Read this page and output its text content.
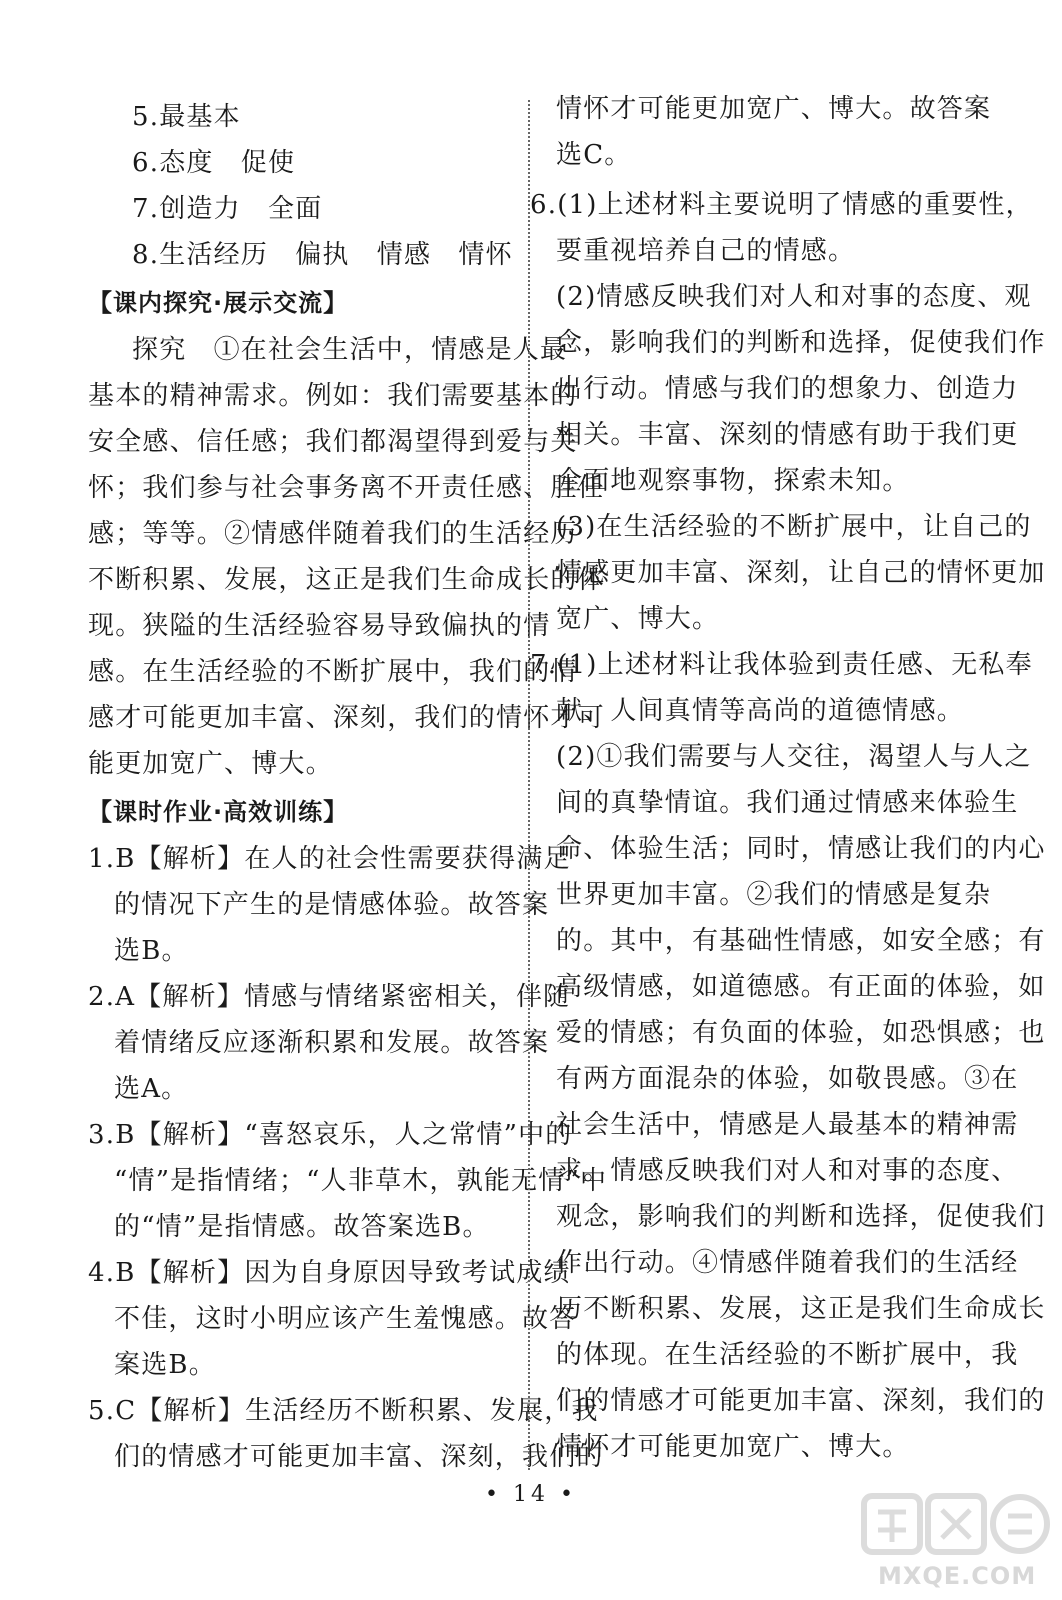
5.最基本
6.态度　促使
7.创造力　全面
8.生活经历　偏执　情感　情怀
【课内探究·展示交流】
探究　①在社会生活中，情感是人最
基本的精神需求。例如：我们需要基本的
安全感、信任感；我们都渴望得到爱与关
怀；我们参与社会事务离不开责任感、胜任
感；等等。②情感伴随着我们的生活经历
不断积累、发展，这正是我们生命成长的体
现。狭隘的生活经验容易导致偏执的情
感。在生活经验的不断扩展中，我们的情
感才可能更加丰富、深刻，我们的情怀才可
能更加宽广、博大。
【课时作业·高效训练】
1.B【解析】在人的社会性需要获得满足
的情况下产生的是情感体验。故答案
选B。
2.A【解析】情感与情绪紧密相关，伴随
着情绪反应逐渐积累和发展。故答案
选A。
3.B【解析】“喜怒哀乐，人之常情”中的
“情”是指情绪；“人非草木，孰能无情”中
的“情”是指情感。故答案选B。
4.B【解析】因为自身原因导致考试成绩
不佳，这时小明应该产生羞愧感。故答
案选B。
5.C【解析】生活经历不断积累、发展，我
们的情感才可能更加丰富、深刻，我们的
情怀才可能更加宽广、博大。故答案
选C。
6.(1)上述材料主要说明了情感的重要性，
要重视培养自己的情感。
(2)情感反映我们对人和对事的态度、观
念，影响我们的判断和选择，促使我们作
出行动。情感与我们的想象力、创造力
相关。丰富、深刻的情感有助于我们更
全面地观察事物，探索未知。
(3)在生活经验的不断扩展中，让自己的
情感更加丰富、深刻，让自己的情怀更加
宽广、博大。
7.(1)上述材料让我体验到责任感、无私奉
献、人间真情等高尚的道德情感。
(2)①我们需要与人交往，渴望人与人之
间的真挚情谊。我们通过情感来体验生
命、体验生活；同时，情感让我们的内心
世界更加丰富。②我们的情感是复杂
的。其中，有基础性情感，如安全感；有
高级情感，如道德感。有正面的体验，如
爱的情感；有负面的体验，如恐惧感；也
有两方面混杂的体验，如敬畏感。③在
社会生活中，情感是人最基本的精神需
求。情感反映我们对人和对事的态度、
观念，影响我们的判断和选择，促使我们
作出行动。④情感伴随着我们的生活经
历不断积累、发展，这正是我们生命成长
的体现。在生活经验的不断扩展中，我
们的情感才可能更加丰富、深刻，我们的
情怀才可能更加宽广、博大。
• 14 •
MXQE.COM
